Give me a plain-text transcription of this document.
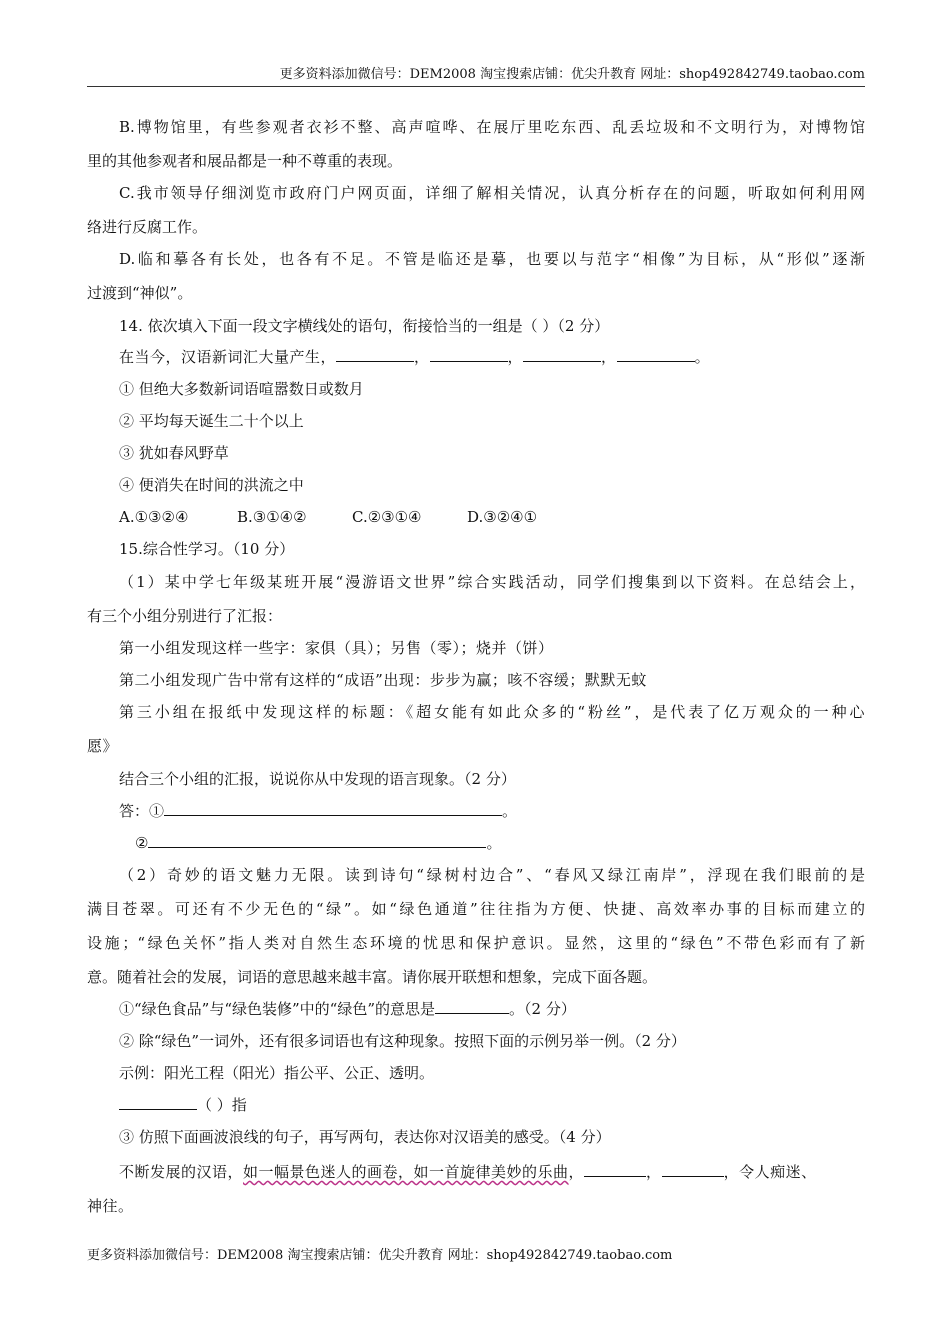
更多资料添加微信号：DEM2008 淘宝搜索店铺：优尖升教育 网址：shop492842749.taobao.com
B.博物馆里，有些参观者衣衫不整、高声喧哗、在展厅里吃东西、乱丢垃圾和不文明行为，对博物馆
里的其他参观者和展品都是一种不尊重的表现。
C.我市领导仔细浏览市政府门户网页面，详细了解相关情况，认真分析存在的问题，听取如何利用网
络进行反腐工作。
D.临和摹各有长处，也各有不足。不管是临还是摹，也要以与范字“相像”为目标，从“形似”逐渐
过渡到“神似”。
14. 依次填入下面一段文字横线处的语句，衔接恰当的一组是（ ）（2 分）
在当今，汉语新词汇大量产生，	，	，	，	。
① 但绝大多数新词语喧嚣数日或数月
② 平均每天诞生二十个以上
③ 犹如春风野草
④ 便消失在时间的洪流之中
A.①③②④	B.③①④②	C.②③①④	D.③②④①
15.综合性学习。（10 分）
（1）某中学七年级某班开展“漫游语文世界”综合实践活动，同学们搜集到以下资料。在总结会上，
有三个小组分别进行了汇报：
第一小组发现这样一些字：家俱（具）；另售（零）；烧并（饼）
第二小组发现广告中常有这样的“成语”出现：步步为赢；咳不容缓；默默无蚊
第三小组在报纸中发现这样的标题：《超女能有如此众多的“粉丝”，是代表了亿万观众的一种心
愿》
结合三个小组的汇报，说说你从中发现的语言现象。（2 分）
答：①	。
②	。
（2）奇妙的语文魅力无限。读到诗句“绿树村边合”、“春风又绿江南岸”，浮现在我们眼前的是
满目苍翠。可还有不少无色的“绿”。如“绿色通道”往往指为方便、快捷、高效率办事的目标而建立的
设施；“绿色关怀”指人类对自然生态环境的忧思和保护意识。显然，这里的“绿色”不带色彩而有了新
意。随着社会的发展，词语的意思越来越丰富。请你展开联想和想象，完成下面各题。
①“绿色食品”与“绿色装修”中的“绿色”的意思是	。（2 分）
② 除“绿色”一词外，还有很多词语也有这种现象。按照下面的示例另举一例。（2 分）
示例：阳光工程（阳光）指公平、公正、透明。
（ ）指
③ 仿照下面画波浪线的句子，再写两句，表达你对汉语美的感受。（4 分）
不断发展的汉语，如一幅景色迷人的画卷，如一首旋律美妙的乐曲，	，	，令人痴迷、
神往。
更多资料添加微信号：DEM2008 淘宝搜索店铺：优尖升教育 网址：shop492842749.taobao.com
